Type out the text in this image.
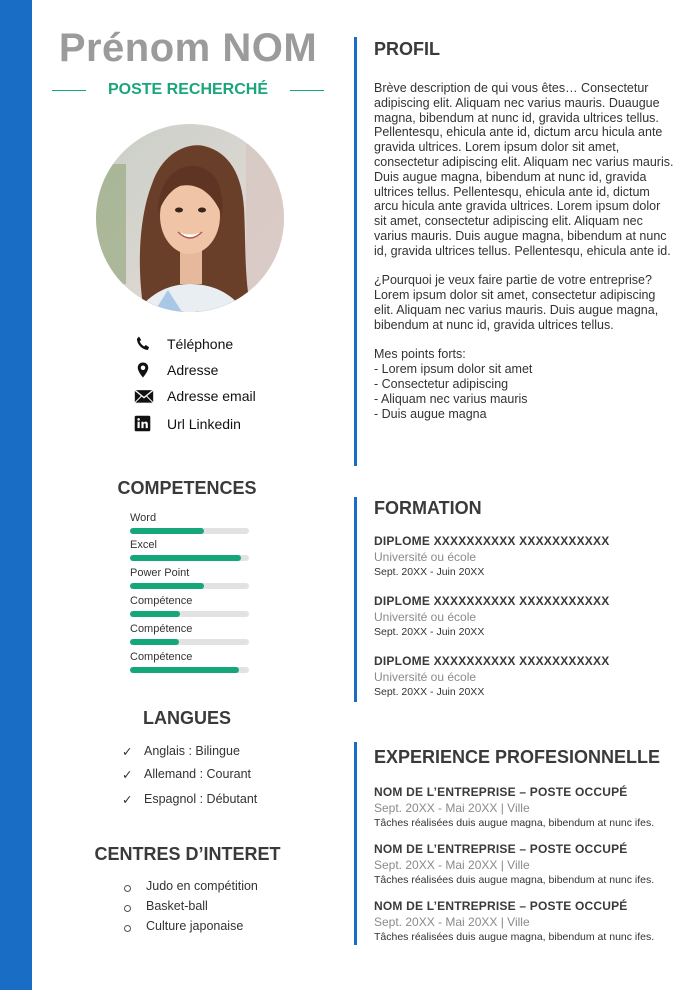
Prénom NOM
POSTE RECHERCHÉ
Téléphone
Adresse
Adresse email
Url Linkedin
COMPETENCES
Word
Excel
Power Point
Compétence
Compétence
Compétence
LANGUES
✓ Anglais : Bilingue
✓ Allemand : Courant
✓ Espagnol : Débutant
CENTRES D’INTERET
Judo en compétition
Basket-ball
Culture japonaise
PROFIL

Brève description de qui vous êtes… Consectetur adipiscing elit. Aliquam nec varius mauris. Duaugue magna, bibendum at nunc id, gravida ultrices tellus. Pellentesqu, ehicula ante id, dictum arcu hicula ante gravida ultrices. Lorem ipsum dolor sit amet, consectetur adipiscing elit. Aliquam nec varius mauris. Duis augue magna, bibendum at nunc id, gravida ultrices tellus. Pellentesqu, ehicula ante id, dictum arcu hicula ante gravida ultrices. Lorem ipsum dolor sit amet, consectetur adipiscing elit. Aliquam nec varius mauris. Duis augue magna, bibendum at nunc id, gravida ultrices tellus. Pellentesqu, ehicula ante id.

¿Pourquoi je veux faire partie de votre entreprise? Lorem ipsum dolor sit amet, consectetur adipiscing elit. Aliquam nec varius mauris. Duis augue magna, bibendum at nunc id, gravida ultrices tellus.

Mes points forts:

- Lorem ipsum dolor sit amet

- Consectetur adipiscing

- Aliquam nec varius mauris

- Duis augue magna

FORMATION
DIPLOME XXXXXXXXXX XXXXXXXXXXX
Université ou école
Sept. 20XX - Juin 20XX
DIPLOME XXXXXXXXXX XXXXXXXXXXX
Université ou école
Sept. 20XX - Juin 20XX
DIPLOME XXXXXXXXXX XXXXXXXXXXX
Université ou école
Sept. 20XX - Juin 20XX
EXPERIENCE PROFESIONNELLE
NOM DE L’ENTREPRISE – POSTE OCCUPÉ
Sept. 20XX - Mai 20XX | Ville
Tâches réalisées duis augue magna, bibendum at nunc ifes.
NOM DE L’ENTREPRISE – POSTE OCCUPÉ
Sept. 20XX - Mai 20XX | Ville
Tâches réalisées duis augue magna, bibendum at nunc ifes.
NOM DE L’ENTREPRISE – POSTE OCCUPÉ
Sept. 20XX - Mai 20XX | Ville
Tâches réalisées duis augue magna, bibendum at nunc ifes.
